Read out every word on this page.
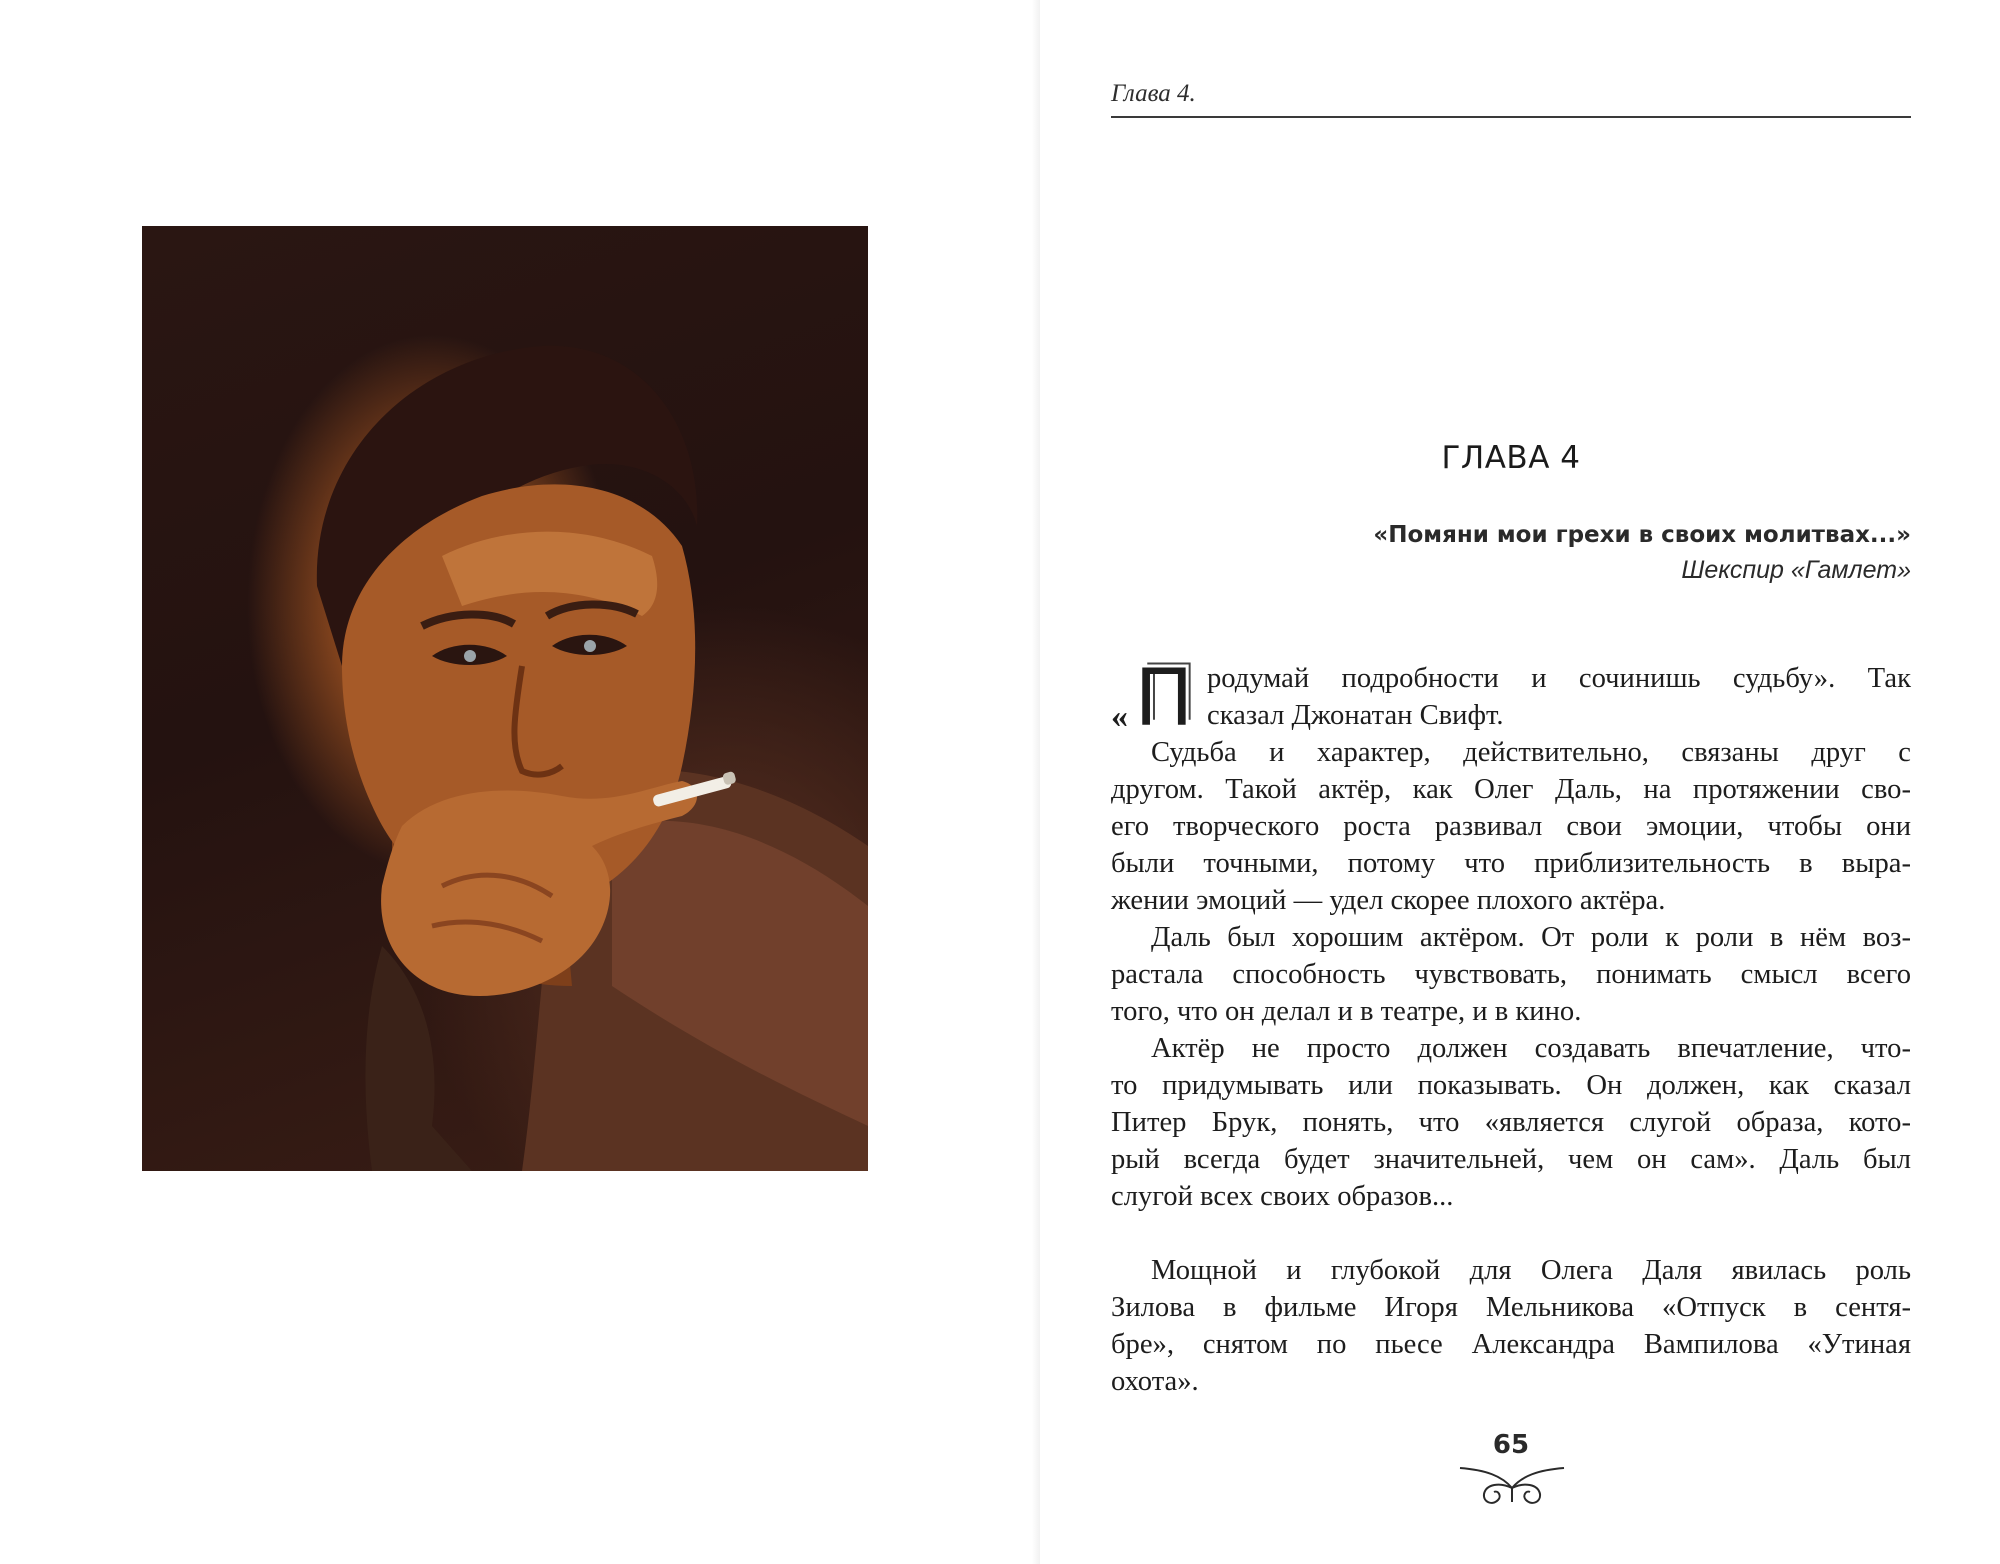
Глава 4.
ГЛАВА 4
«Помяни мои грехи в своих молитвах...»
Шекспир «Гамлет»
« П родумай подробности и сочинишь судьбу». Так
сказал Джонатан Свифт.
Судьба и характер, действительно, связаны друг с
другом. Такой актёр, как Олег Даль, на протяжении сво-
его творческого роста развивал свои эмоции, чтобы они
были точными, потому что приблизительность в выра-
жении эмоций — удел скорее плохого актёра.
Даль был хорошим актёром. От роли к роли в нём воз-
растала способность чувствовать, понимать смысл всего
того, что он делал и в театре, и в кино.
Актёр не просто должен создавать впечатление, что-
то придумывать или показывать. Он должен, как сказал
Питер Брук, понять, что «является слугой образа, кото-
рый всегда будет значительней, чем он сам». Даль был
слугой всех своих образов...
Мощной и глубокой для Олега Даля явилась роль
Зилова в фильме Игоря Мельникова «Отпуск в сентя-
бре», снятом по пьесе Александра Вампилова «Утиная
охота».
65
